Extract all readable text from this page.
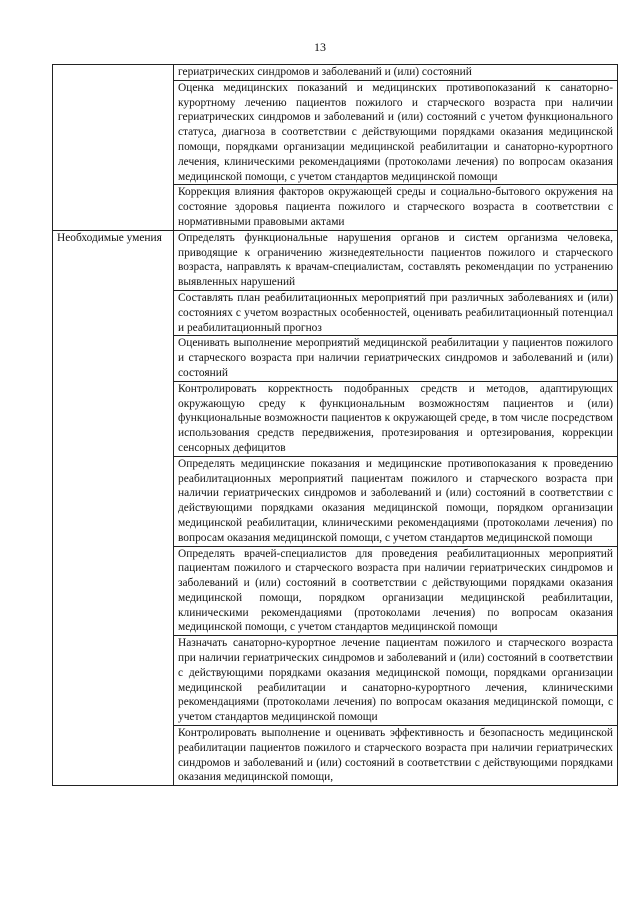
13
	гериатрических синдромов и заболеваний и (или) состояний
	Оценка медицинских показаний и медицинских противопоказаний к санаторно-курортному лечению пациентов пожилого и старческого возраста при наличии гериатрических синдромов и заболеваний и (или) состояний с учетом функционального статуса, диагноза в соответствии с действующими порядками оказания медицинской помощи, порядками организации медицинской реабилитации и санаторно-курортного лечения, клиническими рекомендациями (протоколами лечения) по вопросам оказания медицинской помощи, с учетом стандартов медицинской помощи
	Коррекция влияния факторов окружающей среды и социально-бытового окружения на состояние здоровья пациента пожилого и старческого возраста в соответствии с нормативными правовыми актами
Необходимые умения	Определять функциональные нарушения органов и систем организма человека, приводящие к ограничению жизнедеятельности пациентов пожилого и старческого возраста, направлять к врачам-специалистам, составлять рекомендации по устранению выявленных нарушений
	Составлять план реабилитационных мероприятий при различных заболеваниях и (или) состояниях с учетом возрастных особенностей, оценивать реабилитационный потенциал и реабилитационный прогноз
	Оценивать выполнение мероприятий медицинской реабилитации у пациентов пожилого и старческого возраста при наличии гериатрических синдромов и заболеваний и (или) состояний
	Контролировать корректность подобранных средств и методов, адаптирующих окружающую среду к функциональным возможностям пациентов и (или) функциональные возможности пациентов к окружающей среде, в том числе посредством использования средств передвижения, протезирования и ортезирования, коррекции сенсорных дефицитов
	Определять медицинские показания и медицинские противопоказания к проведению реабилитационных мероприятий пациентам пожилого и старческого возраста при наличии гериатрических синдромов и заболеваний и (или) состояний в соответствии с действующими порядками оказания медицинской помощи, порядком организации медицинской реабилитации, клиническими рекомендациями (протоколами лечения) по вопросам оказания медицинской помощи, с учетом стандартов медицинской помощи
	Определять врачей-специалистов для проведения реабилитационных мероприятий пациентам пожилого и старческого возраста при наличии гериатрических синдромов и заболеваний и (или) состояний в соответствии с действующими порядками оказания медицинской помощи, порядком организации медицинской реабилитации, клиническими рекомендациями (протоколами лечения) по вопросам оказания медицинской помощи, с учетом стандартов медицинской помощи
	Назначать санаторно-курортное лечение пациентам пожилого и старческого возраста при наличии гериатрических синдромов и заболеваний и (или) состояний в соответствии с действующими порядками оказания медицинской помощи, порядками организации медицинской реабилитации и санаторно-курортного лечения, клиническими рекомендациями (протоколами лечения) по вопросам оказания медицинской помощи, с учетом стандартов медицинской помощи
	Контролировать выполнение и оценивать эффективность и безопасность медицинской реабилитации пациентов пожилого и старческого возраста при наличии гериатрических синдромов и заболеваний и (или) состояний в соответствии с действующими порядками оказания медицинской помощи,
